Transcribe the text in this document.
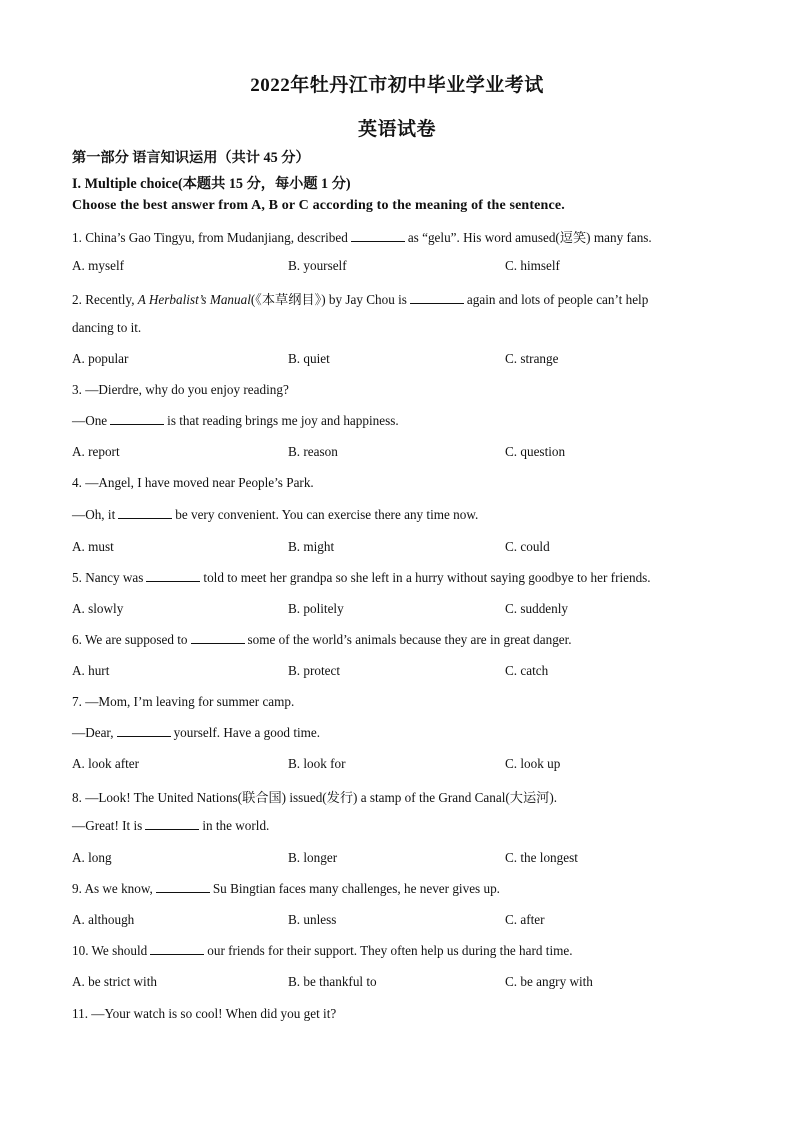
2022年牡丹江市初中毕业学业考试
英语试卷
第一部分 语言知识运用（共计 45 分）
I. Multiple choice(本题共 15 分，每小题 1 分)
Choose the best answer from A, B or C according to the meaning of the sentence.
1. China’s Gao Tingyu, from Mudanjiang, described	as “gelu”. His word amused(逗笑) many fans.
A. myself	B. yourself	C. himself
2. Recently, A Herbalist’s Manual(《本草纲目》) by Jay Chou is	again and lots of people can’t help
dancing to it.
A. popular	B. quiet	C. strange
3. —Dierdre, why do you enjoy reading?
—One	is that reading brings me joy and happiness.
A. report	B. reason	C. question
4. —Angel, I have moved near People’s Park.
—Oh, it	be very convenient. You can exercise there any time now.
A. must	B. might	C. could
5. Nancy was	told to meet her grandpa so she left in a hurry without saying goodbye to her friends.
A. slowly	B. politely	C. suddenly
6. We are supposed to	some of the world’s animals because they are in great danger.
A. hurt	B. protect	C. catch
7. —Mom, I’m leaving for summer camp.
—Dear,	yourself. Have a good time.
A. look after	B. look for	C. look up
8. —Look! The United Nations(联合国) issued(发行) a stamp of the Grand Canal(大运河).
—Great! It is	in the world.
A. long	B. longer	C. the longest
9. As we know,	Su Bingtian faces many challenges, he never gives up.
A. although	B. unless	C. after
10. We should	our friends for their support. They often help us during the hard time.
A. be strict with	B. be thankful to	C. be angry with
11. —Your watch is so cool! When did you get it?
